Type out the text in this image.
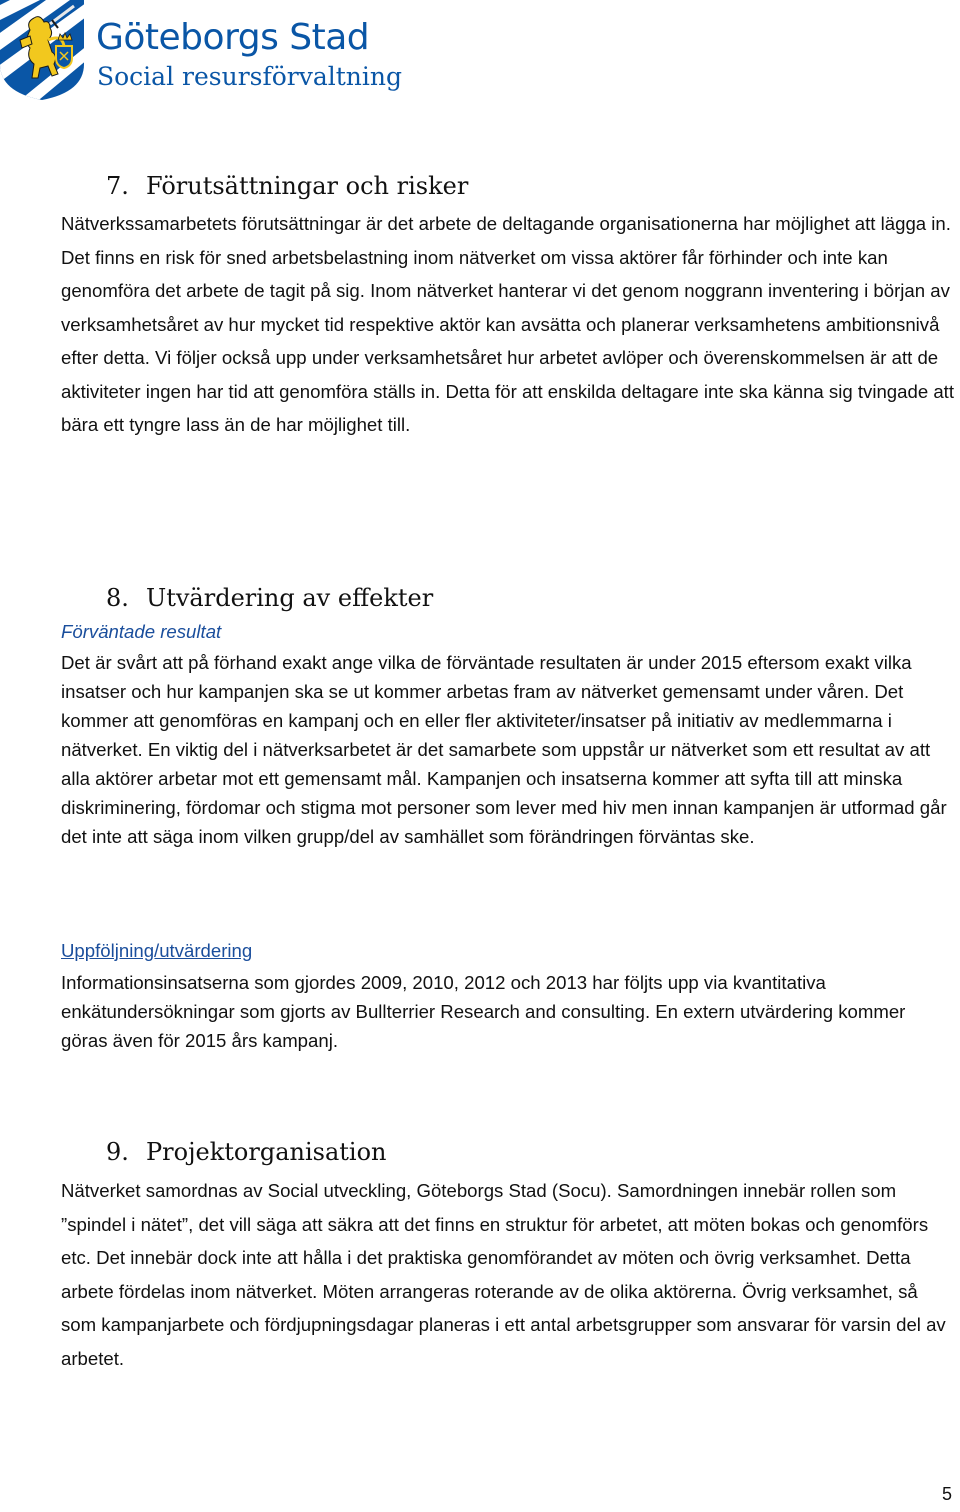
Göteborgs Stad
Social resursförvaltning
7. Förutsättningar och risker

Nätverkssamarbetets förutsättningar är det arbete de deltagande organisationerna har möjlighet att lägga in. Det finns en risk för sned arbetsbelastning inom nätverket om vissa aktörer får förhinder och inte kan genomföra det arbete de tagit på sig. Inom nätverket hanterar vi det genom noggrann inventering i början av verksamhetsåret av hur mycket tid respektive aktör kan avsätta och planerar verksamhetens ambitionsnivå efter detta. Vi följer också upp under verksamhetsåret hur arbetet avlöper och överenskommelsen är att de aktiviteter ingen har tid att genomföra ställs in. Detta för att enskilda deltagare inte ska känna sig tvingade att bära ett tyngre lass än de har möjlighet till.

8. Utvärdering av effekter
Förväntade resultat

Det är svårt att på förhand exakt ange vilka de förväntade resultaten är under 2015 eftersom exakt vilka insatser och hur kampanjen ska se ut kommer arbetas fram av nätverket gemensamt under våren. Det kommer att genomföras en kampanj och en eller fler aktiviteter/insatser på initiativ av medlemmarna i nätverket. En viktig del i nätverksarbetet är det samarbete som uppstår ur nätverket som ett resultat av att alla aktörer arbetar mot ett gemensamt mål. Kampanjen och insatserna kommer att syfta till att minska diskriminering, fördomar och stigma mot personer som lever med hiv men innan kampanjen är utformad går det inte att säga inom vilken grupp/del av samhället som förändringen förväntas ske.

Uppföljning/utvärdering

Informationsinsatserna som gjordes 2009, 2010, 2012 och 2013 har följts upp via kvantitativa enkätundersökningar som gjorts av Bullterrier Research and consulting. En extern utvärdering kommer göras även för 2015 års kampanj.

9. Projektorganisation

Nätverket samordnas av Social utveckling, Göteborgs Stad (Socu). Samordningen innebär rollen som ”spindel i nätet”, det vill säga att säkra att det finns en struktur för arbetet, att möten bokas och genomförs etc. Det innebär dock inte att hålla i det praktiska genomförandet av möten och övrig verksamhet. Detta arbete fördelas inom nätverket. Möten arrangeras roterande av de olika aktörerna. Övrig verksamhet, så som kampanjarbete och fördjupningsdagar planeras i ett antal arbetsgrupper som ansvarar för varsin del av arbetet.

5
